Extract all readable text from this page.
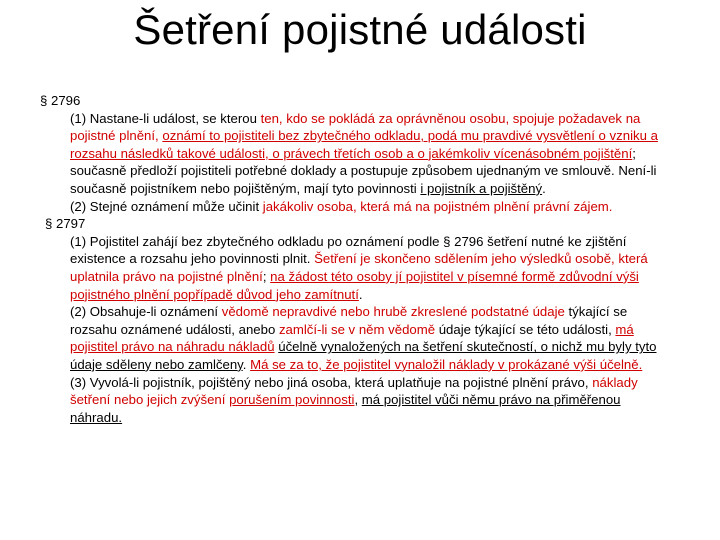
Šetření pojistné události
§ 2796
(1) Nastane-li událost, se kterou ten, kdo se pokládá za oprávněnou osobu, spojuje požadavek na pojistné plnění, oznámí to pojistiteli bez zbytečného odkladu, podá mu pravdivé vysvětlení o vzniku a rozsahu následků takové události, o právech třetích osob a o jakémkoliv vícenásobném pojištění; současně předloží pojistiteli potřebné doklady a postupuje způsobem ujednaným ve smlouvě. Není-li současně pojistníkem nebo pojištěným, mají tyto povinnosti i pojistník a pojištěný.
(2) Stejné oznámení může učinit jakákoliv osoba, která má na pojistném plnění právní zájem.
§ 2797
(1) Pojistitel zahájí bez zbytečného odkladu po oznámení podle § 2796 šetření nutné ke zjištění existence a rozsahu jeho povinnosti plnit. Šetření je skončeno sdělením jeho výsledků osobě, která uplatnila právo na pojistné plnění; na žádost této osoby jí pojistitel v písemné formě zdůvodní výši pojistného plnění popřípadě důvod jeho zamítnutí.
(2) Obsahuje-li oznámení vědomě nepravdivé nebo hrubě zkreslené podstatné údaje týkající se rozsahu oznámené události, anebo zamlčí-li se v něm vědomě údaje týkající se této události, má pojistitel právo na náhradu nákladů účelně vynaložených na šetření skutečností, o nichž mu byly tyto údaje sděleny nebo zamlčeny. Má se za to, že pojistitel vynaložil náklady v prokázané výši účelně.
(3) Vyvolá-li pojistník, pojištěný nebo jiná osoba, která uplatňuje na pojistné plnění právo, náklady šetření nebo jejich zvýšení porušením povinnosti, má pojistitel vůči němu právo na přiměřenou náhradu.
